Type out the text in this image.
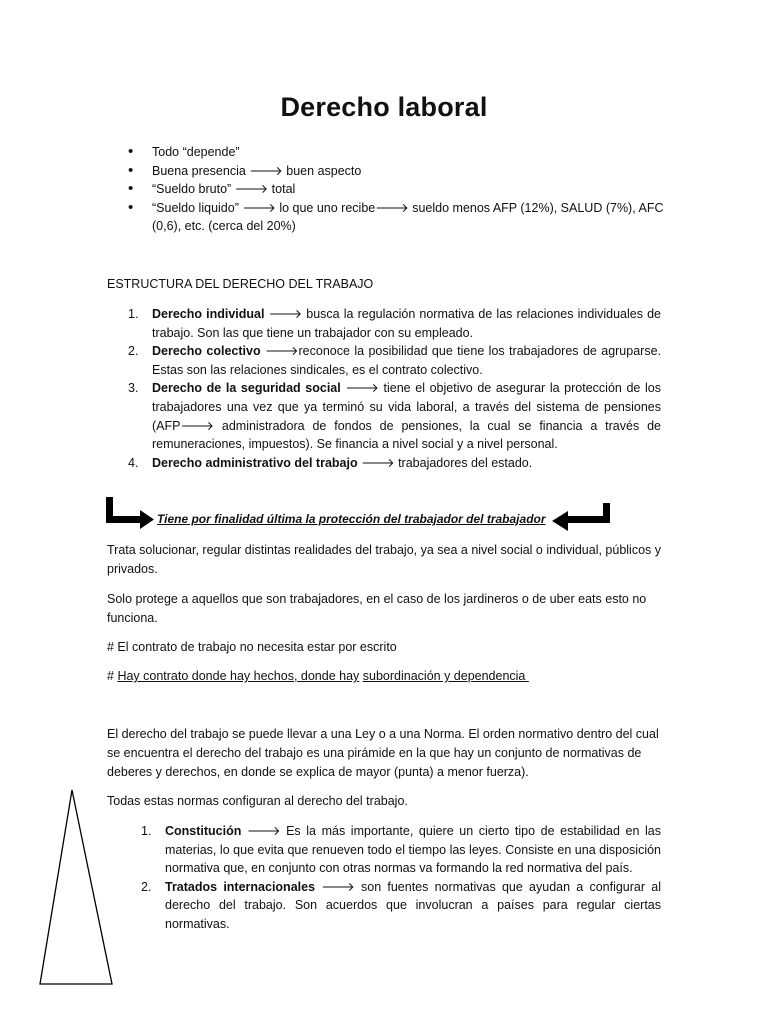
Derecho laboral
• Todo “depende”
• Buena presencia 🡒 buen aspecto
• “Sueldo bruto” 🡒 total
• “Sueldo liquido” 🡒 lo que uno recibe🡒 sueldo menos AFP (12%), SALUD (7%), AFC (0,6), etc. (cerca del 20%)
ESTRUCTURA DEL DERECHO DEL TRABAJO
1. Derecho individual 🡒 busca la regulación normativa de las relaciones individuales de trabajo. Son las que tiene un trabajador con su empleado.
2. Derecho colectivo 🡒reconoce la posibilidad que tiene los trabajadores de agruparse. Estas son las relaciones sindicales, es el contrato colectivo.
3. Derecho de la seguridad social 🡒 tiene el objetivo de asegurar la protección de los trabajadores una vez que ya terminó su vida laboral, a través del sistema de pensiones (AFP🡒 administradora de fondos de pensiones, la cual se financia a través de remuneraciones, impuestos). Se financia a nivel social y a nivel personal.
4. Derecho administrativo del trabajo 🡒 trabajadores del estado.
Tiene por finalidad última la protección del trabajador del trabajador

Trata solucionar, regular distintas realidades del trabajo, ya sea a nivel social o individual, públicos y privados.

Solo protege a aquellos que son trabajadores, en el caso de los jardineros o de uber eats esto no funciona.

# El contrato de trabajo no necesita estar por escrito

# Hay contrato donde hay hechos, donde hay subordinación y dependencia

El derecho del trabajo se puede llevar a una Ley o a una Norma. El orden normativo dentro del cual se encuentra el derecho del trabajo es una pirámide en la que hay un conjunto de normativas de deberes y derechos, en donde se explica de mayor (punta) a menor fuerza).

Todas estas normas configuran al derecho del trabajo.

1. Constitución 🡒 Es la más importante, quiere un cierto tipo de estabilidad en las materias, lo que evita que renueven todo el tiempo las leyes. Consiste en una disposición normativa que, en conjunto con otras normas va formando la red normativa del país.
2. Tratados internacionales 🡒 son fuentes normativas que ayudan a configurar al derecho del trabajo. Son acuerdos que involucran a países para regular ciertas normativas.
